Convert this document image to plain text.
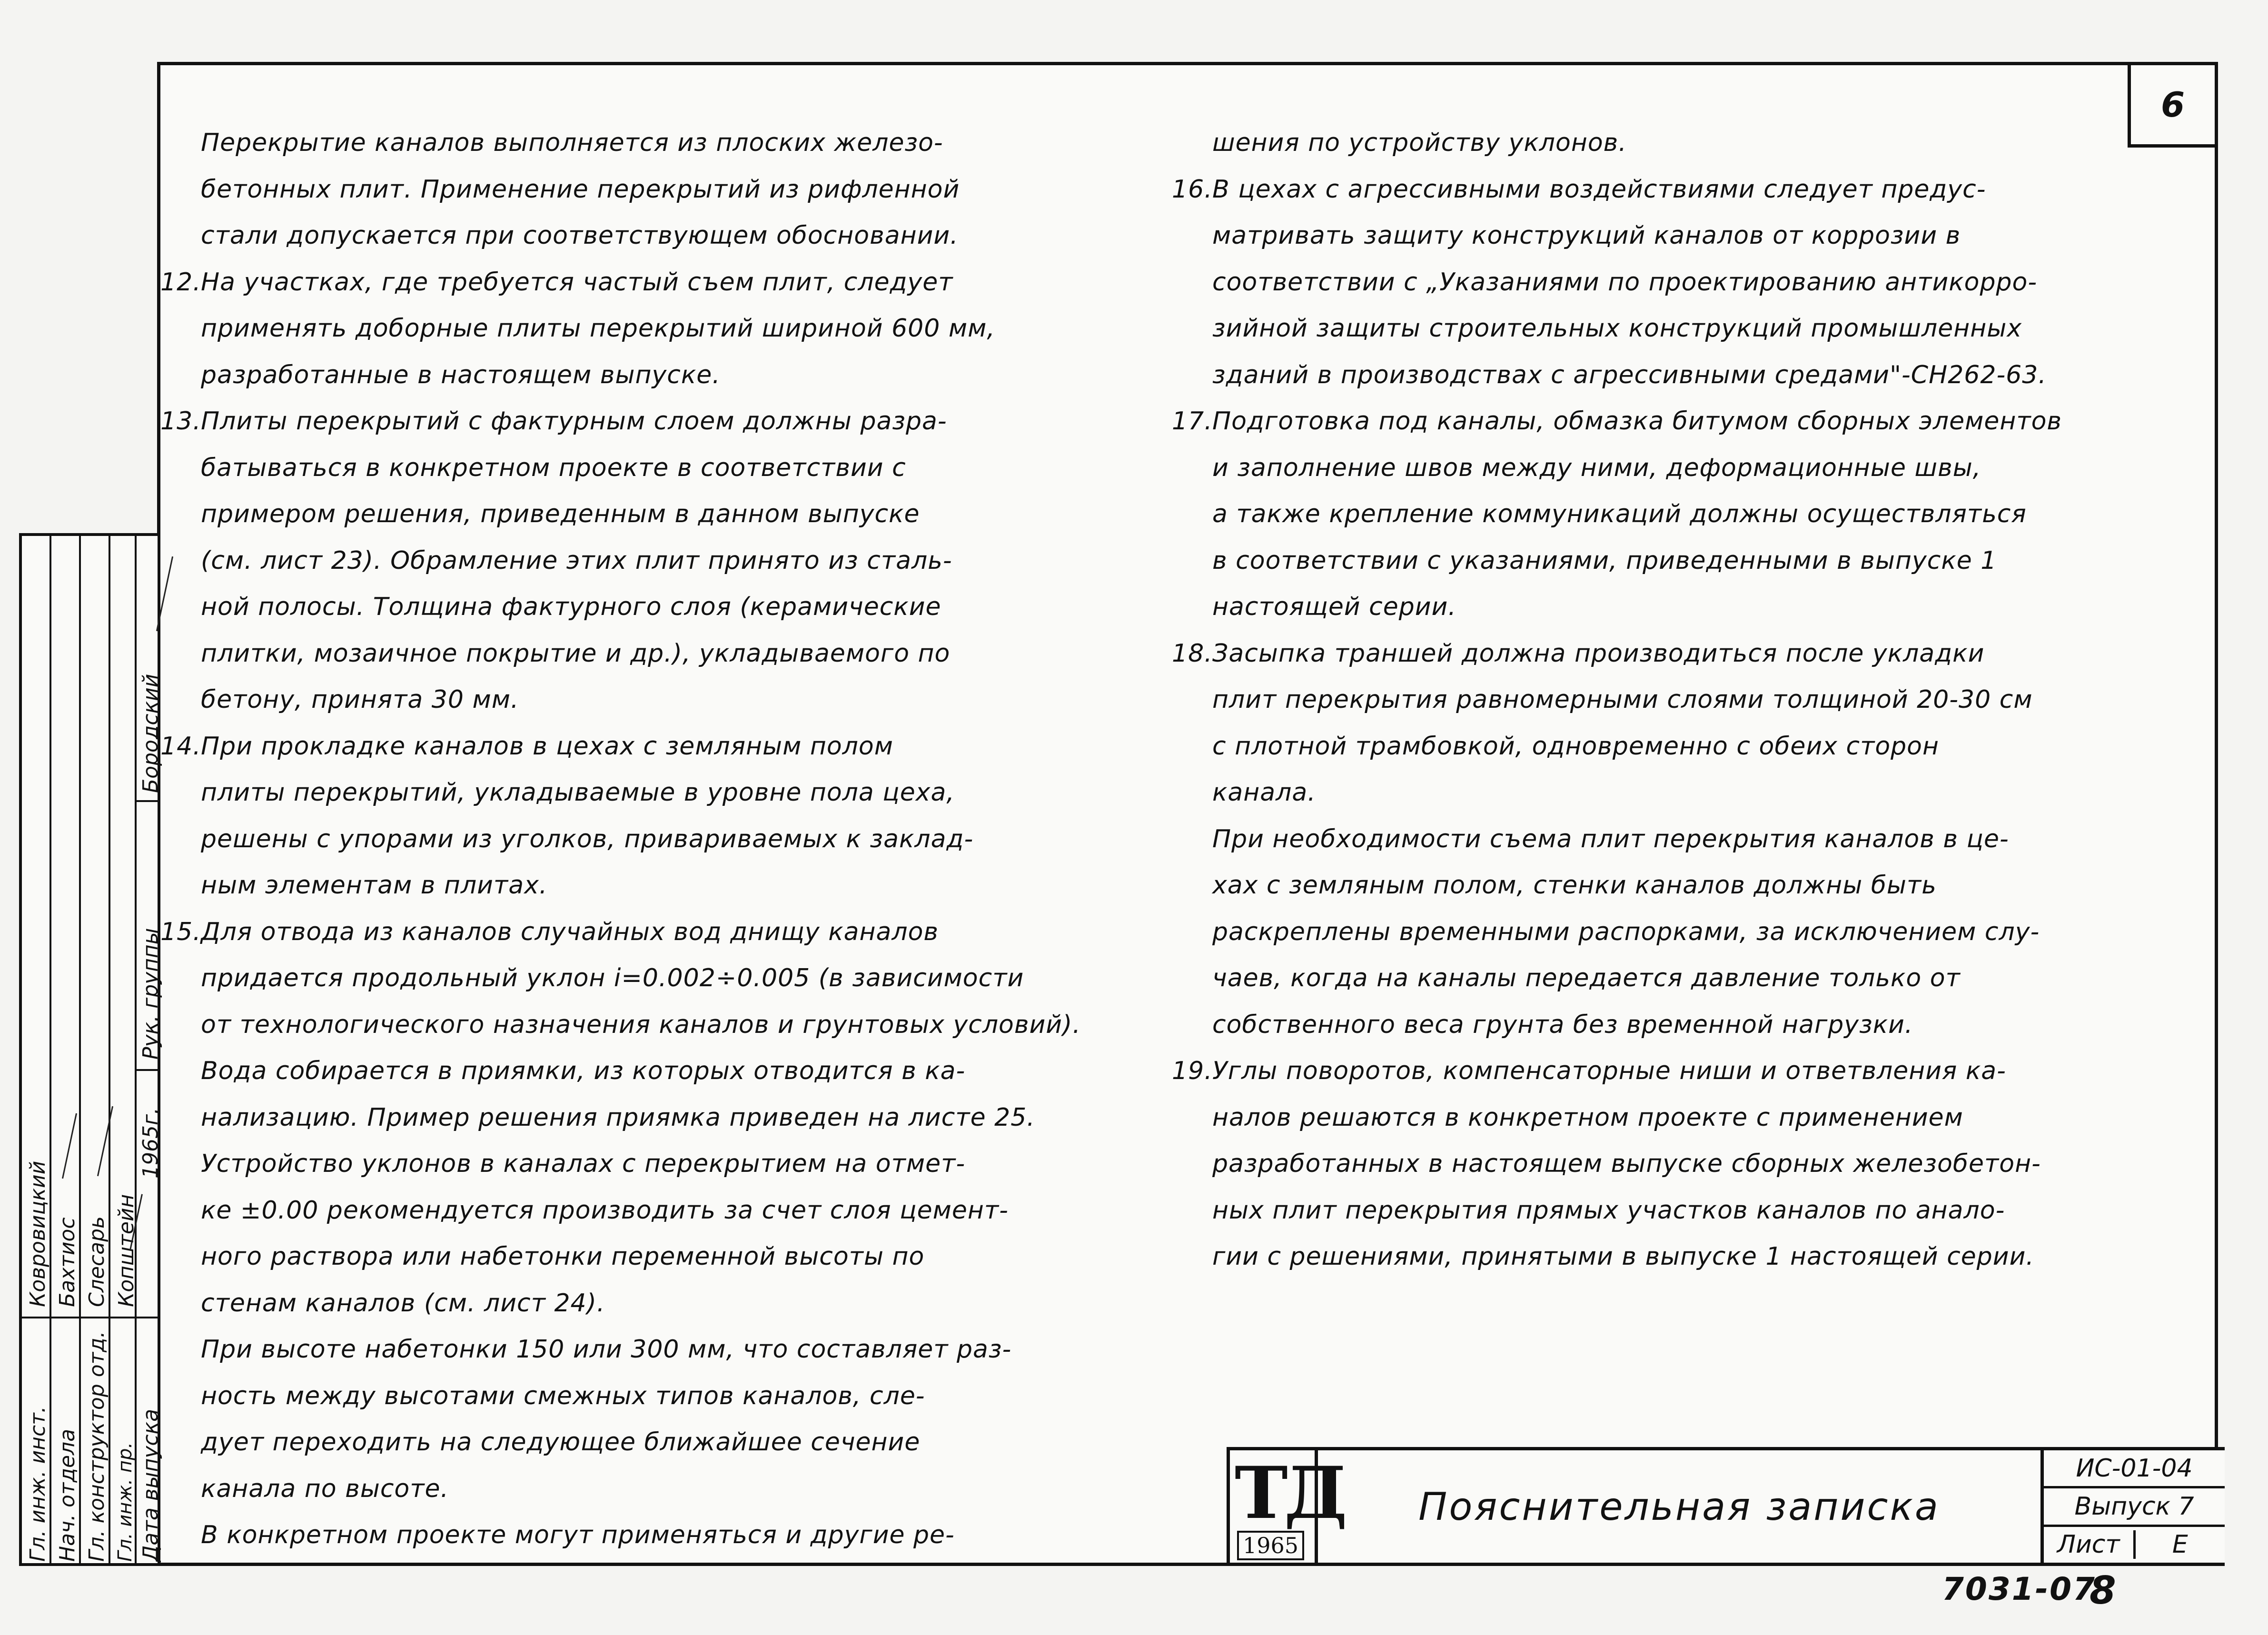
6
Перекрытие каналов выполняется из плоских железо-
бетонных плит. Применение перекрытий из рифленной
стали допускается при соответствующем обосновании.
12. На участках, где требуется частый съем плит, следует
применять доборные плиты перекрытий шириной 600 мм,
разработанные в настоящем выпуске.
13. Плиты перекрытий с фактурным слоем должны разра-
батываться в конкретном проекте в соответствии с
примером решения, приведенным в данном выпуске
(см. лист 23). Обрамление этих плит принято из сталь-
ной полосы. Толщина фактурного слоя (керамические
плитки, мозаичное покрытие и др.), укладываемого по
бетону, принята 30 мм.
14. При прокладке каналов в цехах с земляным полом
плиты перекрытий, укладываемые в уровне пола цеха,
решены с упорами из уголков, приваривaемых к заклад-
ным элементам в плитах.
15. Для отвода из каналов случайных вод днищу каналов
придается продольный уклон i=0.002÷0.005 (в зависимости
от технологического назначения каналов и грунтовых условий).
Вода собирается в приямки, из которых отводится в ка-
нализацию. Пример решения приямка приведен на листе 25.
Устройство уклонов в каналах с перекрытием на отмет-
ке ±0.00 рекомендуется производить за счет слоя цемент-
ного раствора или набетонки переменной высоты по
стенам каналов (см. лист 24).
При высоте набетонки 150 или 300 мм, что составляет раз-
ность между высотами смежных типов каналов, сле-
дует переходить на следующее ближайшее сечение
канала по высоте.
В конкретном проекте могут применяться и другие ре-
шения по устройству уклонов.
16. В цехах с агрессивными воздействиями следует предус-
матривать защиту конструкций каналов от коррозии в
соответствии с „Указаниями по проектированию антикорро-
зийной защиты строительных конструкций промышленных
зданий в производствах с агрессивными средами"-СН262-63.
17. Подготовка под каналы, обмазка битумом сборных элементов
и заполнение швов между ними, деформационные швы,
а также крепление коммуникаций должны осуществляться
в соответствии с указаниями, приведенными в выпуске 1
настоящей серии.
18. Засыпка траншей должна производиться после укладки
плит перекрытия равномерными слоями толщиной 20-30 см
с плотной трамбовкой, одновременно с обеих сторон
канала.
При необходимости съема плит перекрытия каналов в це-
хах с земляным полом, стенки каналов должны быть
раскреплены временными распорками, за исключением слу-
чаев, когда на каналы передается давление только от
собственного веса грунта без временной нагрузки.
19. Углы поворотов, компенсаторные ниши и ответвления ка-
налов решаются в конкретном проекте с применением
разработанных в настоящем выпуске сборных железобетон-
ных плит перекрытия прямых участков каналов по анало-
гии с решениями, принятыми в выпуске 1 настоящей серии.
ТД
1965
Пояснительная записка
ИС-01-04
Выпуск 7
Лист	Е
7031-07
8
Гл. инж. инст. Нач. отдела Гл. конструктор отд. Гл. инж. пр.
Ковровицкий Бахтиос Слесарь Копштейн
Дата выпуска
1965г.
Рук. группы
Бородский
